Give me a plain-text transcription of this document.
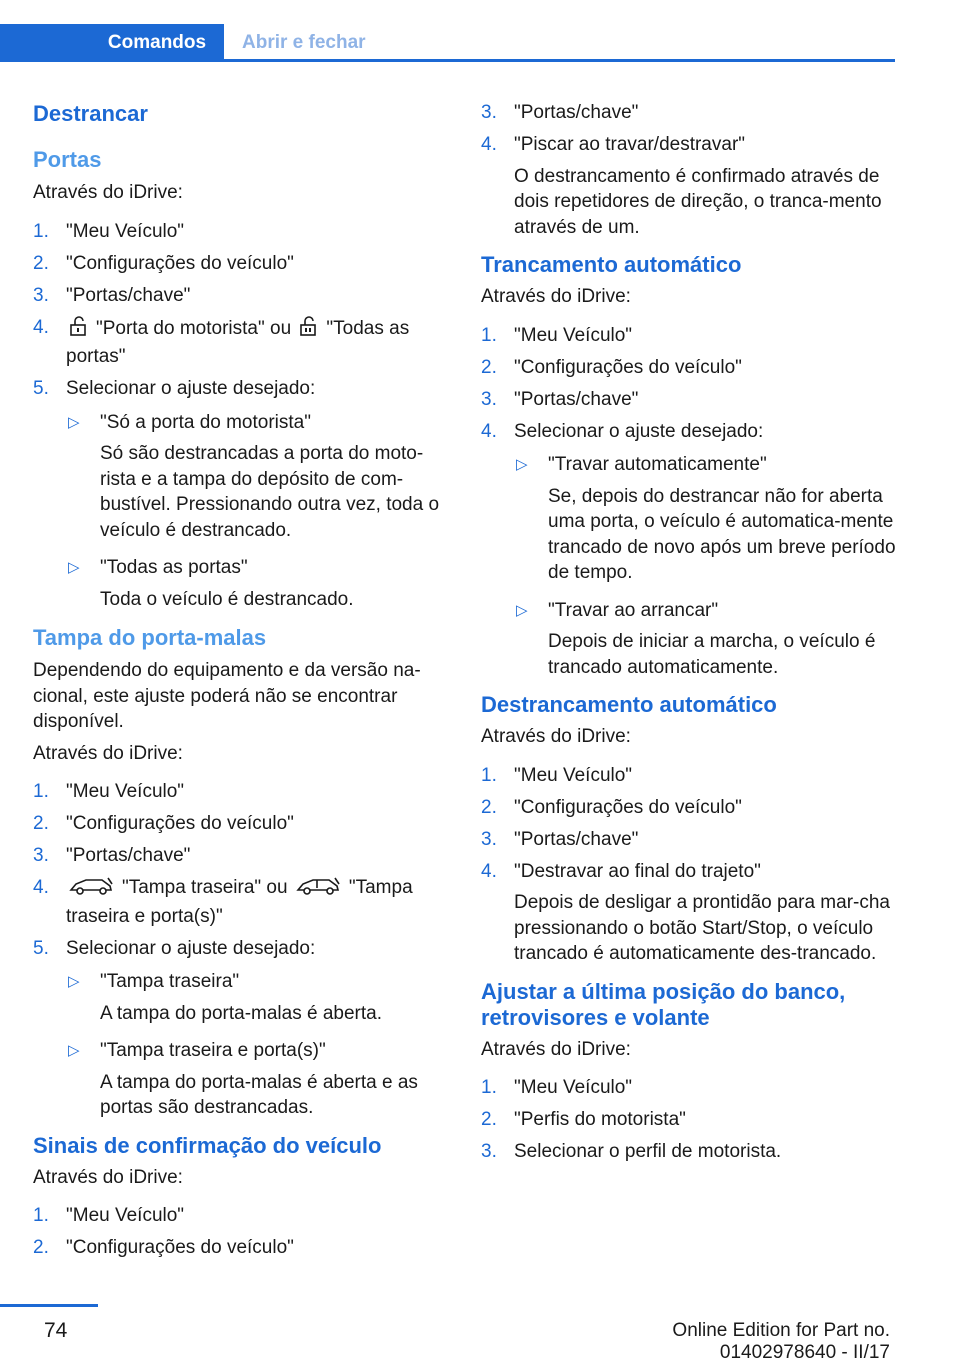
Comandos	Abrir e fechar
Destrancar
Portas
Através do iDrive:
1. "Meu Veículo"
2. "Configurações do veículo"
3. "Portas/chave"
4. "Porta do motorista" ou "Todas as portas"
5. Selecionar o ajuste desejado:
▷ "Só a porta do motorista"
Só são destrancadas a porta do moto-rista e a tampa do depósito de com-bustível. Pressionando outra vez, toda o veículo é destrancado.
▷ "Todas as portas"
Toda o veículo é destrancado.
Tampa do porta-malas
Dependendo do equipamento e da versão na-cional, este ajuste poderá não se encontrar disponível.
Através do iDrive:
1. "Meu Veículo"
2. "Configurações do veículo"
3. "Portas/chave"
4.	"Tampa traseira" ou	"Tampa traseira e porta(s)"
5. Selecionar o ajuste desejado:
▷ "Tampa traseira"
A tampa do porta-malas é aberta.
▷ "Tampa traseira e porta(s)"
A tampa do porta-malas é aberta e as portas são destrancadas.
Sinais de confirmação do veículo
Através do iDrive:
1. "Meu Veículo"
2. "Configurações do veículo"
3. "Portas/chave"
4. "Piscar ao travar/destravar"
O destrancamento é confirmado através de dois repetidores de direção, o tranca-mento através de um.
Trancamento automático
Através do iDrive:
1. "Meu Veículo"
2. "Configurações do veículo"
3. "Portas/chave"
4. Selecionar o ajuste desejado:
▷ "Travar automaticamente"
Se, depois do destrancar não for aberta uma porta, o veículo é automatica-mente trancado de novo após um breve período de tempo.
▷ "Travar ao arrancar"
Depois de iniciar a marcha, o veículo é trancado automaticamente.
Destrancamento automático
Através do iDrive:
1. "Meu Veículo"
2. "Configurações do veículo"
3. "Portas/chave"
4. "Destravar ao final do trajeto"
Depois de desligar a prontidão para mar-cha pressionando o botão Start/Stop, o veículo trancado é automaticamente des-trancado.
Ajustar a última posição do banco, retrovisores e volante
Através do iDrive:
1. "Meu Veículo"
2. "Perfis do motorista"
3. Selecionar o perfil de motorista.
74	Online Edition for Part no. 01402978640 - II/17
